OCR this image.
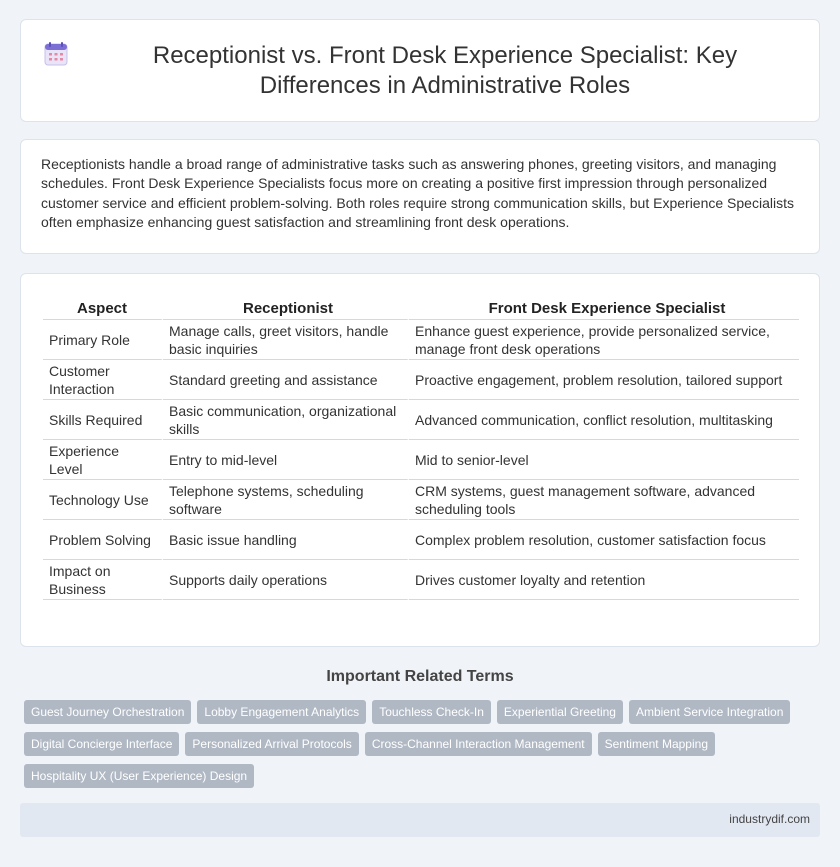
Receptionist vs. Front Desk Experience Specialist: Key Differences in Administrative Roles

Receptionists handle a broad range of administrative tasks such as answering phones, greeting visitors, and managing schedules. Front Desk Experience Specialists focus more on creating a positive first impression through personalized customer service and efficient problem-solving. Both roles require strong communication skills, but Experience Specialists often emphasize enhancing guest satisfaction and streamlining front desk operations.

Aspect	Receptionist	Front Desk Experience Specialist
Primary Role	Manage calls, greet visitors, handle basic inquiries	Enhance guest experience, provide personalized service, manage front desk operations
Customer Interaction	Standard greeting and assistance	Proactive engagement, problem resolution, tailored support
Skills Required	Basic communication, organizational skills	Advanced communication, conflict resolution, multitasking
Experience Level	Entry to mid-level	Mid to senior-level
Technology Use	Telephone systems, scheduling software	CRM systems, guest management software, advanced scheduling tools
Problem Solving	Basic issue handling	Complex problem resolution, customer satisfaction focus
Impact on Business	Supports daily operations	Drives customer loyalty and retention
Important Related Terms
Guest Journey Orchestration	Lobby Engagement Analytics	Touchless Check-In	Experiential Greeting	Ambient Service Integration
Digital Concierge Interface	Personalized Arrival Protocols	Cross-Channel Interaction Management	Sentiment Mapping
Hospitality UX (User Experience) Design
industrydif.com
